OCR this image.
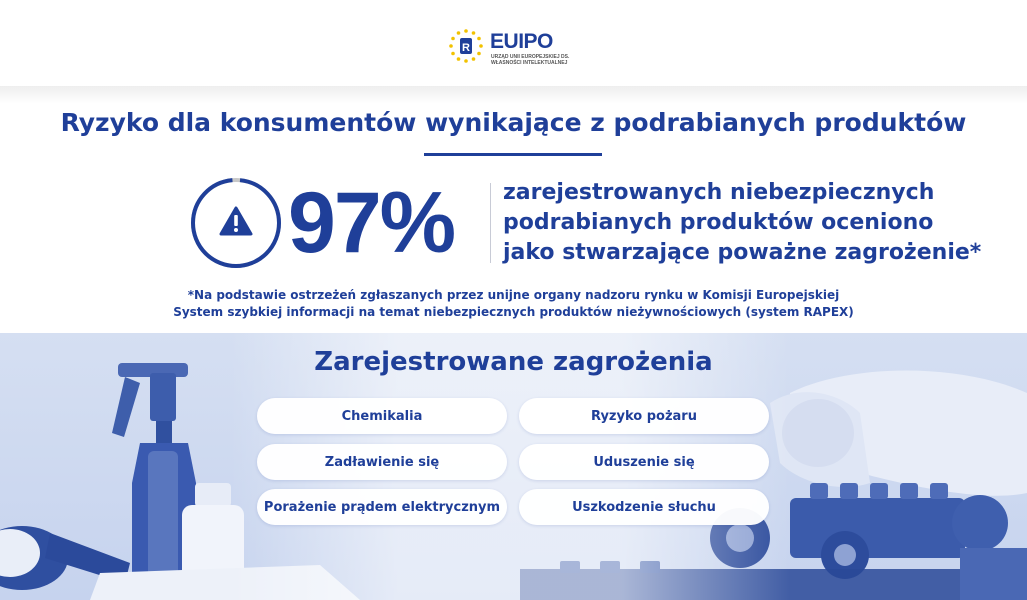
R EUIPO
URZĄD UNII EUROPEJSKIEJ DS.
WŁASNOŚCI INTELEKTUALNEJ
Ryzyko dla konsumentów wynikające z podrabianych produktów
97% zarejestrowanych niebezpiecznych
podrabianych produktów oceniono
jako stwarzające poważne zagrożenie*
*Na podstawie ostrzeżeń zgłaszanych przez unijne organy nadzoru rynku w Komisji Europejskiej
System szybkiej informacji na temat niebezpiecznych produktów nieżywnościowych (system RAPEX)
Zarejestrowane zagrożenia
Chemikalia	Ryzyko pożaru
Zadławienie się	Uduszenie się
Porażenie prądem elektrycznym	Uszkodzenie słuchu
